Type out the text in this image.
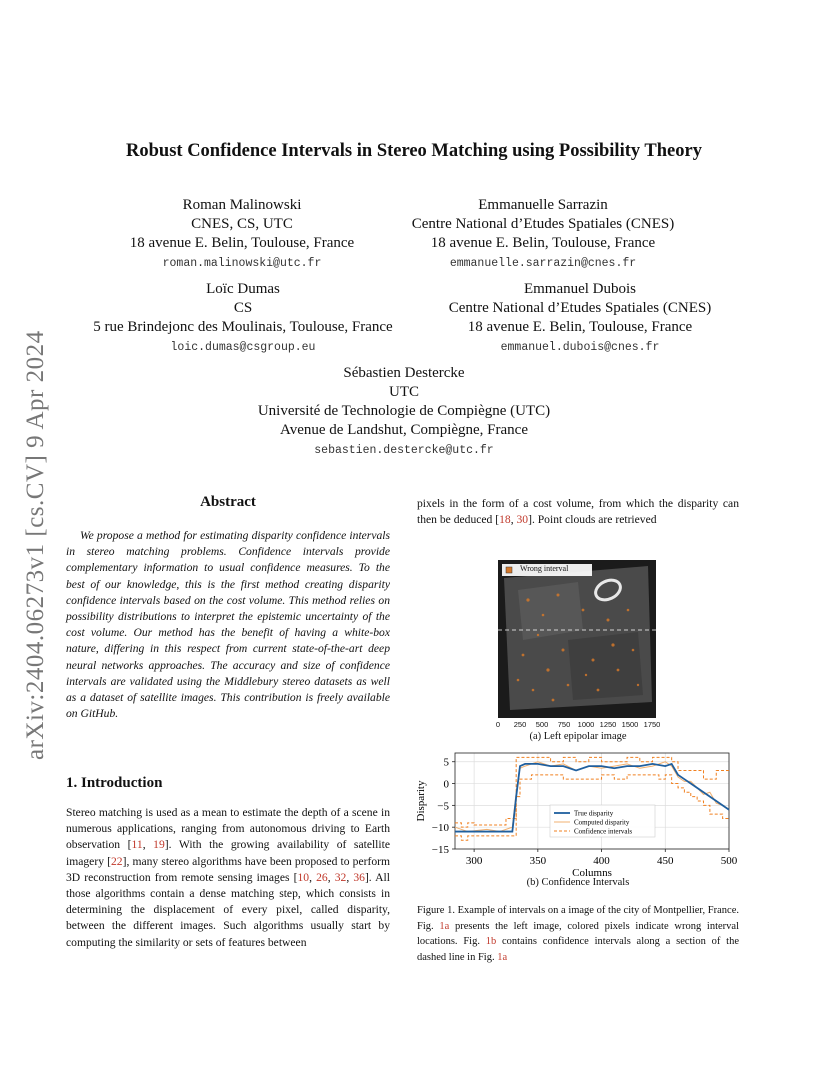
arXiv:2404.06273v1 [cs.CV] 9 Apr 2024
Robust Confidence Intervals in Stereo Matching using Possibility Theory
Roman Malinowski
CNES, CS, UTC
18 avenue E. Belin, Toulouse, France
roman.malinowski@utc.fr
Emmanuelle Sarrazin
Centre National d’Etudes Spatiales (CNES)
18 avenue E. Belin, Toulouse, France
emmanuelle.sarrazin@cnes.fr
Loïc Dumas
CS
5 rue Brindejonc des Moulinais, Toulouse, France
loic.dumas@csgroup.eu
Emmanuel Dubois
Centre National d’Etudes Spatiales (CNES)
18 avenue E. Belin, Toulouse, France
emmanuel.dubois@cnes.fr
Sébastien Destercke
UTC
Université de Technologie de Compiègne (UTC)
Avenue de Landshut, Compiègne, France
sebastien.destercke@utc.fr
Abstract
We propose a method for estimating disparity confidence intervals in stereo matching problems. Confidence intervals provide complementary information to usual confidence measures. To the best of our knowledge, this is the first method creating disparity confidence intervals based on the cost volume. This method relies on possibility distributions to interpret the epistemic uncertainty of the cost volume. Our method has the benefit of having a white-box nature, differing in this respect from current state-of-the-art deep neural networks approaches. The accuracy and size of confidence intervals are validated using the Middlebury stereo datasets as well as a dataset of satellite images. This contribution is freely available on GitHub.
1. Introduction
Stereo matching is used as a mean to estimate the depth of a scene in numerous applications, ranging from autonomous driving to Earth observation [11, 19]. With the growing availability of satellite imagery [22], many stereo algorithms have been proposed to perform 3D reconstruction from remote sensing images [10, 26, 32, 36]. All those algorithms contain a dense matching step, which consists in determining the displacement of every pixel, called disparity, between the different images. Such algorithms usually start by computing the similarity or sets of features between
pixels in the form of a cost volume, from which the disparity can then be deduced [18, 30]. Point clouds are retrieved
Wrong interval
0 250 500 750 1000 1250 1500 1750
(a) Left epipolar image
300	350	400	450	500
5
0
−5
−10
−15
Columns
Disparity	True disparity
Computed disparity
Confidence intervals
(b) Confidence Intervals
Figure 1. Example of intervals on a image of the city of Montpellier, France. Fig. 1a presents the left image, colored pixels indicate wrong interval locations. Fig. 1b contains confidence intervals along a section of the dashed line in Fig. 1a
